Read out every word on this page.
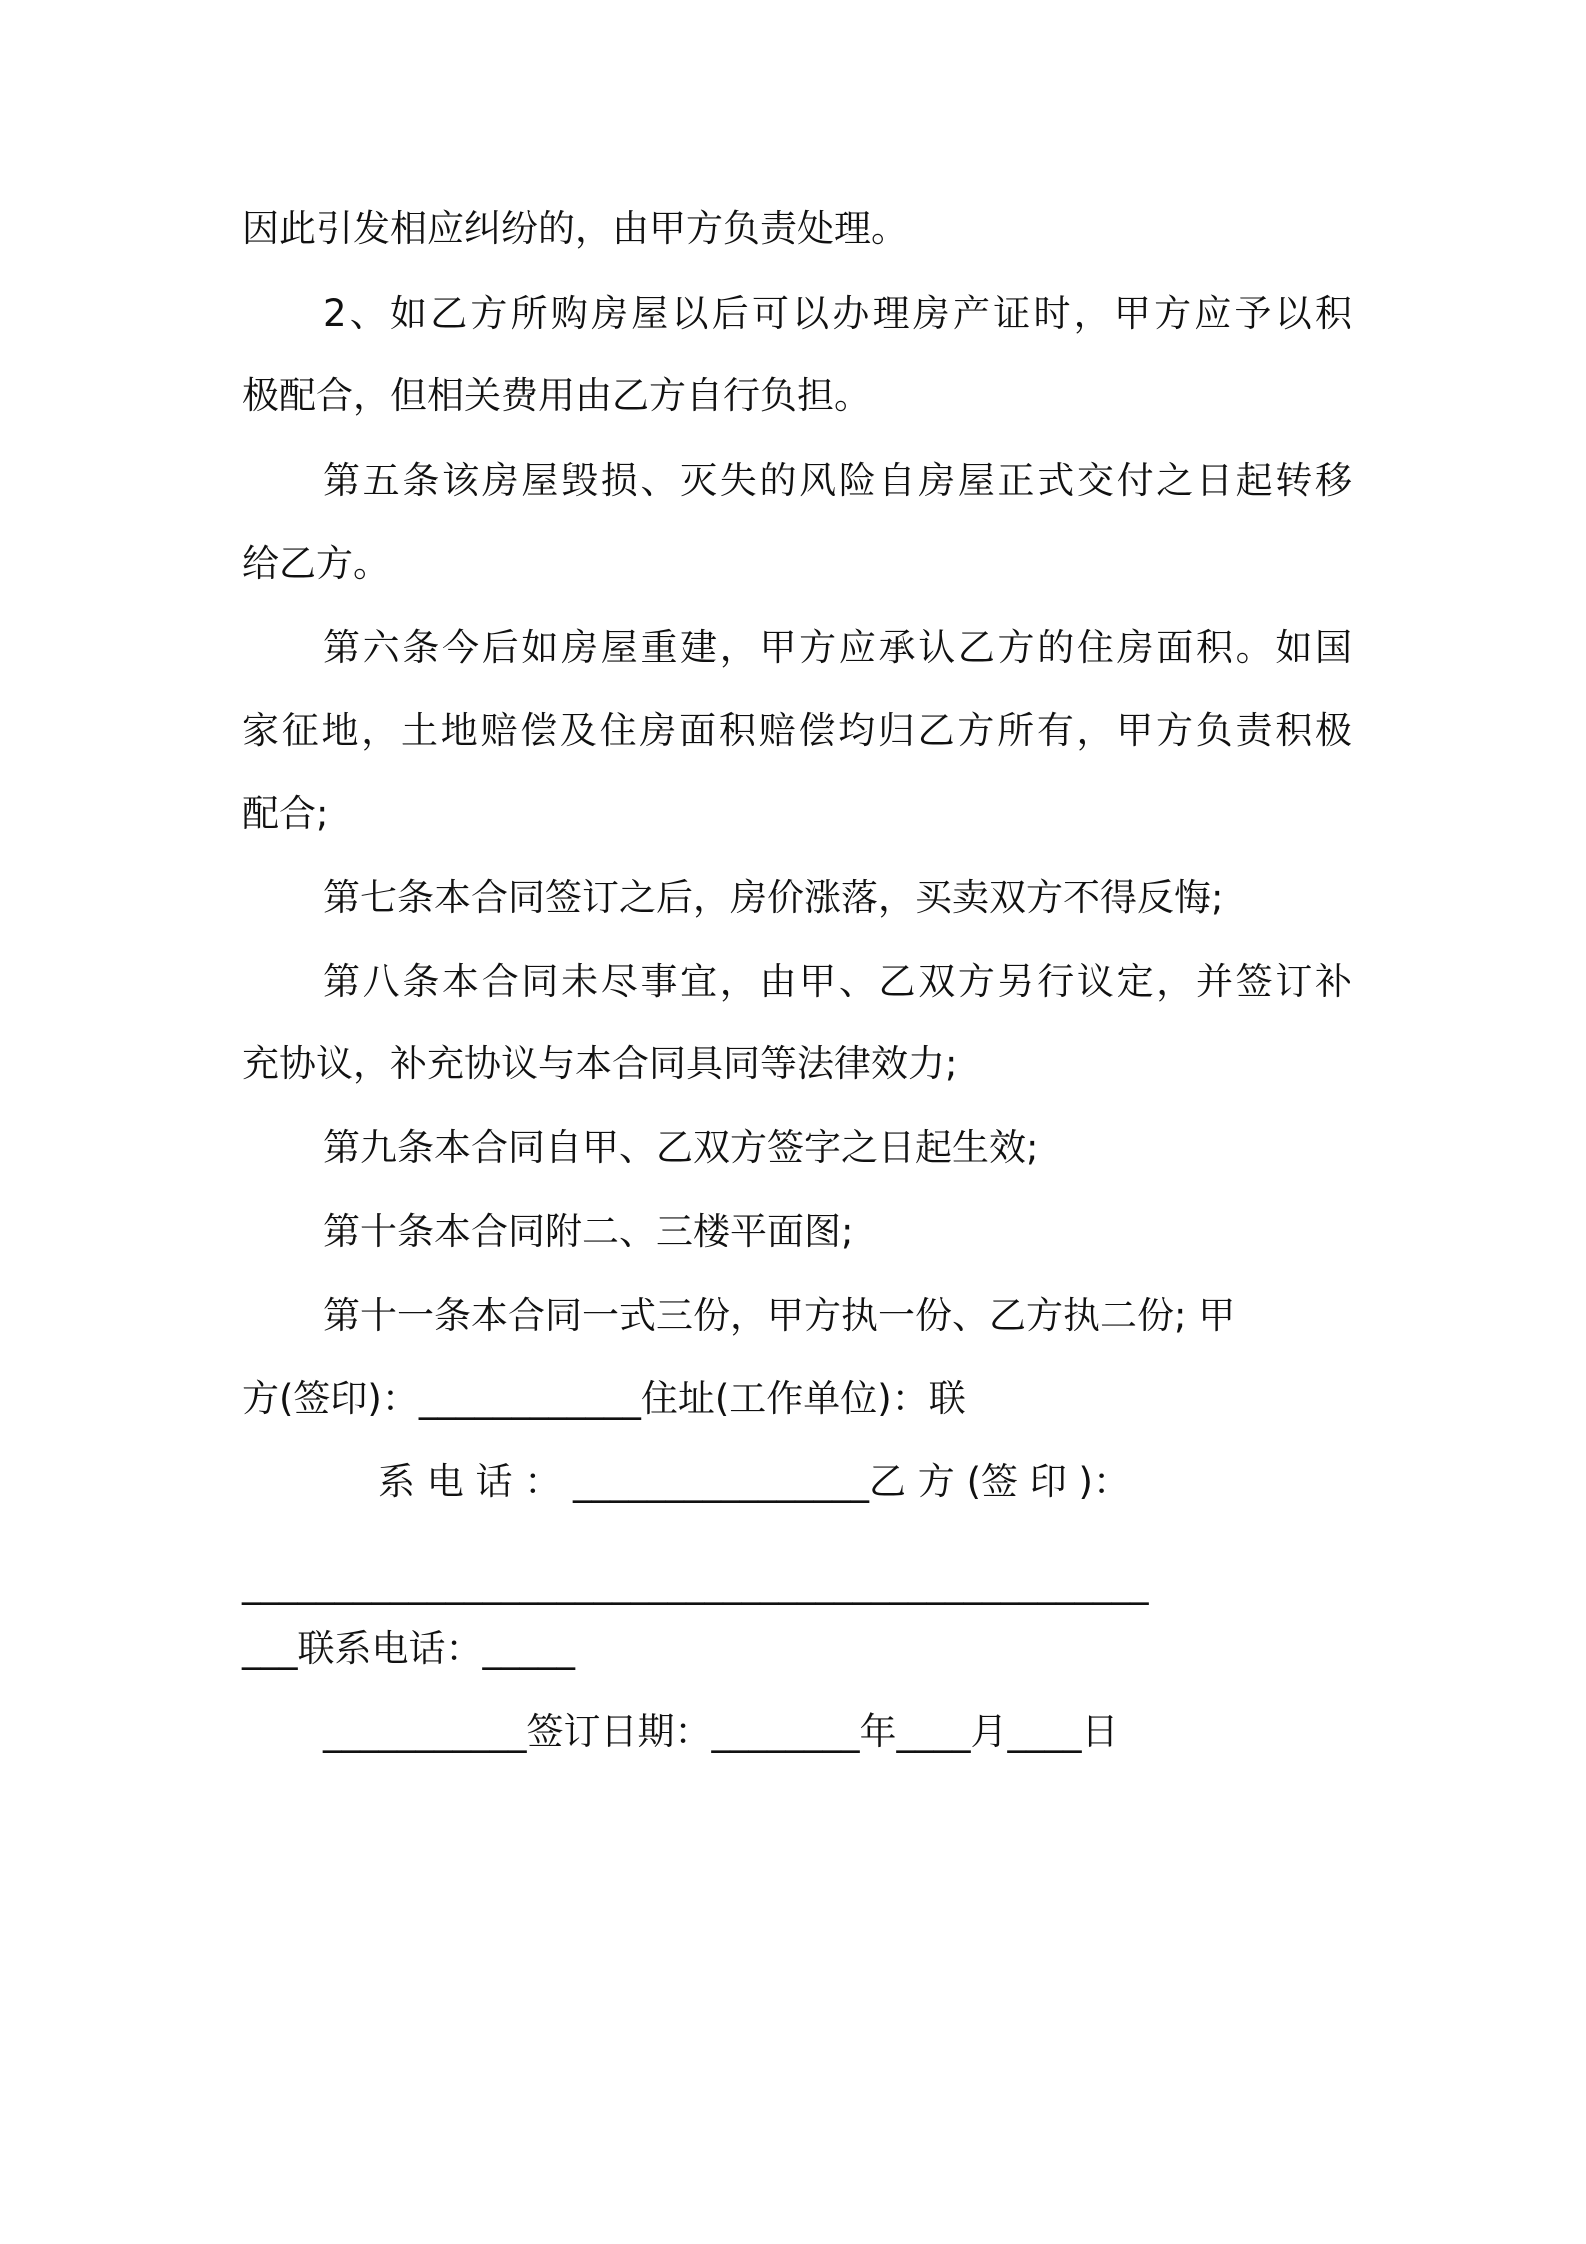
因此引发相应纠纷的，由甲方负责处理。
2、如乙方所购房屋以后可以办理房产证时，甲方应予以积
极配合，但相关费用由乙方自行负担。
第五条该房屋毁损、灭失的风险自房屋正式交付之日起转移
给乙方。
第六条今后如房屋重建，甲方应承认乙方的住房面积。如国
家征地，土地赔偿及住房面积赔偿均归乙方所有，甲方负责积极
配合;
第七条本合同签订之后，房价涨落，买卖双方不得反悔;
第八条本合同未尽事宜，由甲、乙双方另行议定，并签订补
充协议，补充协议与本合同具同等法律效力;
第九条本合同自甲、乙双方签字之日起生效;
第十条本合同附二、三楼平面图;
第十一条本合同一式三份，甲方执一份、乙方执二份; 甲
方(签印)：____________住址(工作单位)：联
系 电 话 ： ________________乙 方 (签 印 )：
_________________________________________________
___联系电话：_____
___________签订日期：________年____月____日
